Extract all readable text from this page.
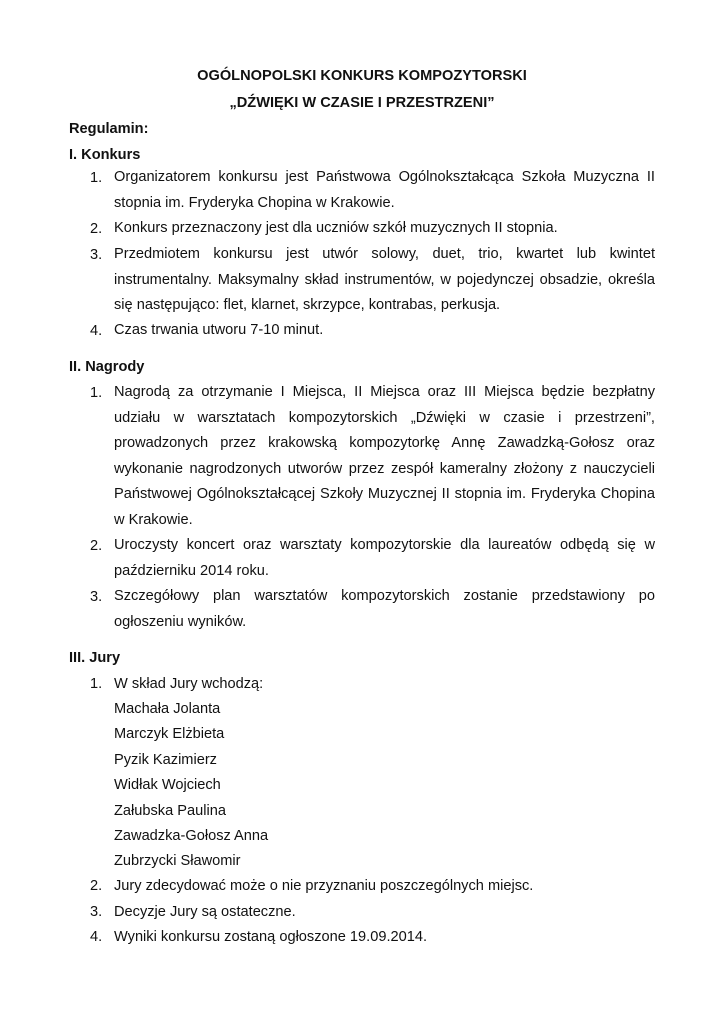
OGÓLNOPOLSKI KONKURS KOMPOZYTORSKI
„DŹWIĘKI W CZASIE I PRZESTRZENI”
Regulamin:
I. Konkurs
1. Organizatorem konkursu jest Państwowa Ogólnokształcąca Szkoła Muzyczna II stopnia im. Fryderyka Chopina w Krakowie.
2. Konkurs przeznaczony jest dla uczniów szkół muzycznych II stopnia.
3. Przedmiotem konkursu jest utwór solowy, duet, trio, kwartet lub kwintet instrumentalny. Maksymalny skład instrumentów, w pojedynczej obsadzie, określa się następująco: flet, klarnet, skrzypce, kontrabas, perkusja.
4. Czas trwania utworu 7-10 minut.
II. Nagrody
1. Nagrodą za otrzymanie I Miejsca, II Miejsca oraz III Miejsca będzie bezpłatny udziału w warsztatach kompozytorskich „Dźwięki w czasie i przestrzeni”, prowadzonych przez krakowską kompozytorkę Annę Zawadzką-Gołosz oraz wykonanie nagrodzonych utworów przez zespół kameralny złożony z nauczycieli Państwowej Ogólnokształcącej Szkoły Muzycznej II stopnia im. Fryderyka Chopina w Krakowie.
2. Uroczysty koncert oraz warsztaty kompozytorskie dla laureatów odbędą się w październiku 2014 roku.
3. Szczegółowy plan warsztatów kompozytorskich zostanie przedstawiony po ogłoszeniu wyników.
III. Jury
1. W skład Jury wchodzą:
Machała Jolanta
Marczyk Elżbieta
Pyzik Kazimierz
Widłak Wojciech
Załubska Paulina
Zawadzka-Gołosz Anna
Zubrzycki Sławomir
2. Jury zdecydować może o nie przyznaniu poszczególnych miejsc.
3. Decyzje Jury są ostateczne.
4. Wyniki konkursu zostaną ogłoszone 19.09.2014.
